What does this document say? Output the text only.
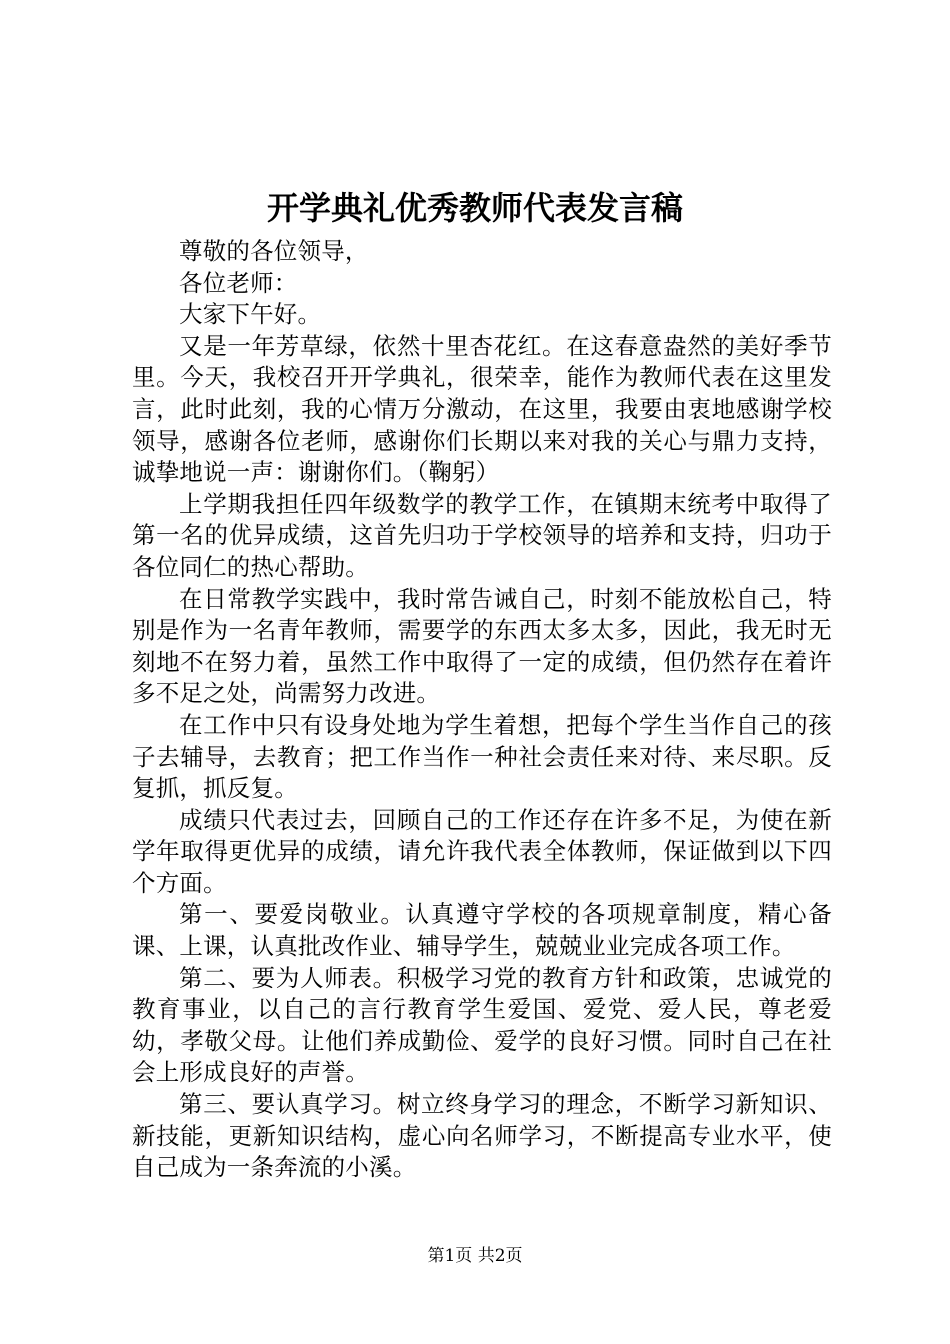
开学典礼优秀教师代表发言稿

尊敬的各位领导，

各位老师：

大家下午好。

又是一年芳草绿，依然十里杏花红。在这春意盎然的美好季节里。今天，我校召开开学典礼，很荣幸，能作为教师代表在这里发言，此时此刻，我的心情万分激动，在这里，我要由衷地感谢学校领导，感谢各位老师，感谢你们长期以来对我的关心与鼎力支持，诚挚地说一声：谢谢你们。（鞠躬）

上学期我担任四年级数学的教学工作，在镇期末统考中取得了第一名的优异成绩，这首先归功于学校领导的培养和支持，归功于各位同仁的热心帮助。

在日常教学实践中，我时常告诫自己，时刻不能放松自己，特别是作为一名青年教师，需要学的东西太多太多，因此，我无时无刻地不在努力着，虽然工作中取得了一定的成绩，但仍然存在着许多不足之处，尚需努力改进。

在工作中只有设身处地为学生着想，把每个学生当作自己的孩子去辅导，去教育；把工作当作一种社会责任来对待、来尽职。反复抓，抓反复。

成绩只代表过去，回顾自己的工作还存在许多不足，为使在新学年取得更优异的成绩，请允许我代表全体教师，保证做到以下四个方面。

第一、要爱岗敬业。认真遵守学校的各项规章制度，精心备课、上课，认真批改作业、辅导学生，兢兢业业完成各项工作。

第二、要为人师表。积极学习党的教育方针和政策，忠诚党的教育事业，以自己的言行教育学生爱国、爱党、爱人民，尊老爱幼，孝敬父母。让他们养成勤俭、爱学的良好习惯。同时自己在社会上形成良好的声誉。

第三、要认真学习。树立终身学习的理念，不断学习新知识、新技能，更新知识结构，虚心向名师学习，不断提高专业水平，使自己成为一条奔流的小溪。

第1页 共2页
